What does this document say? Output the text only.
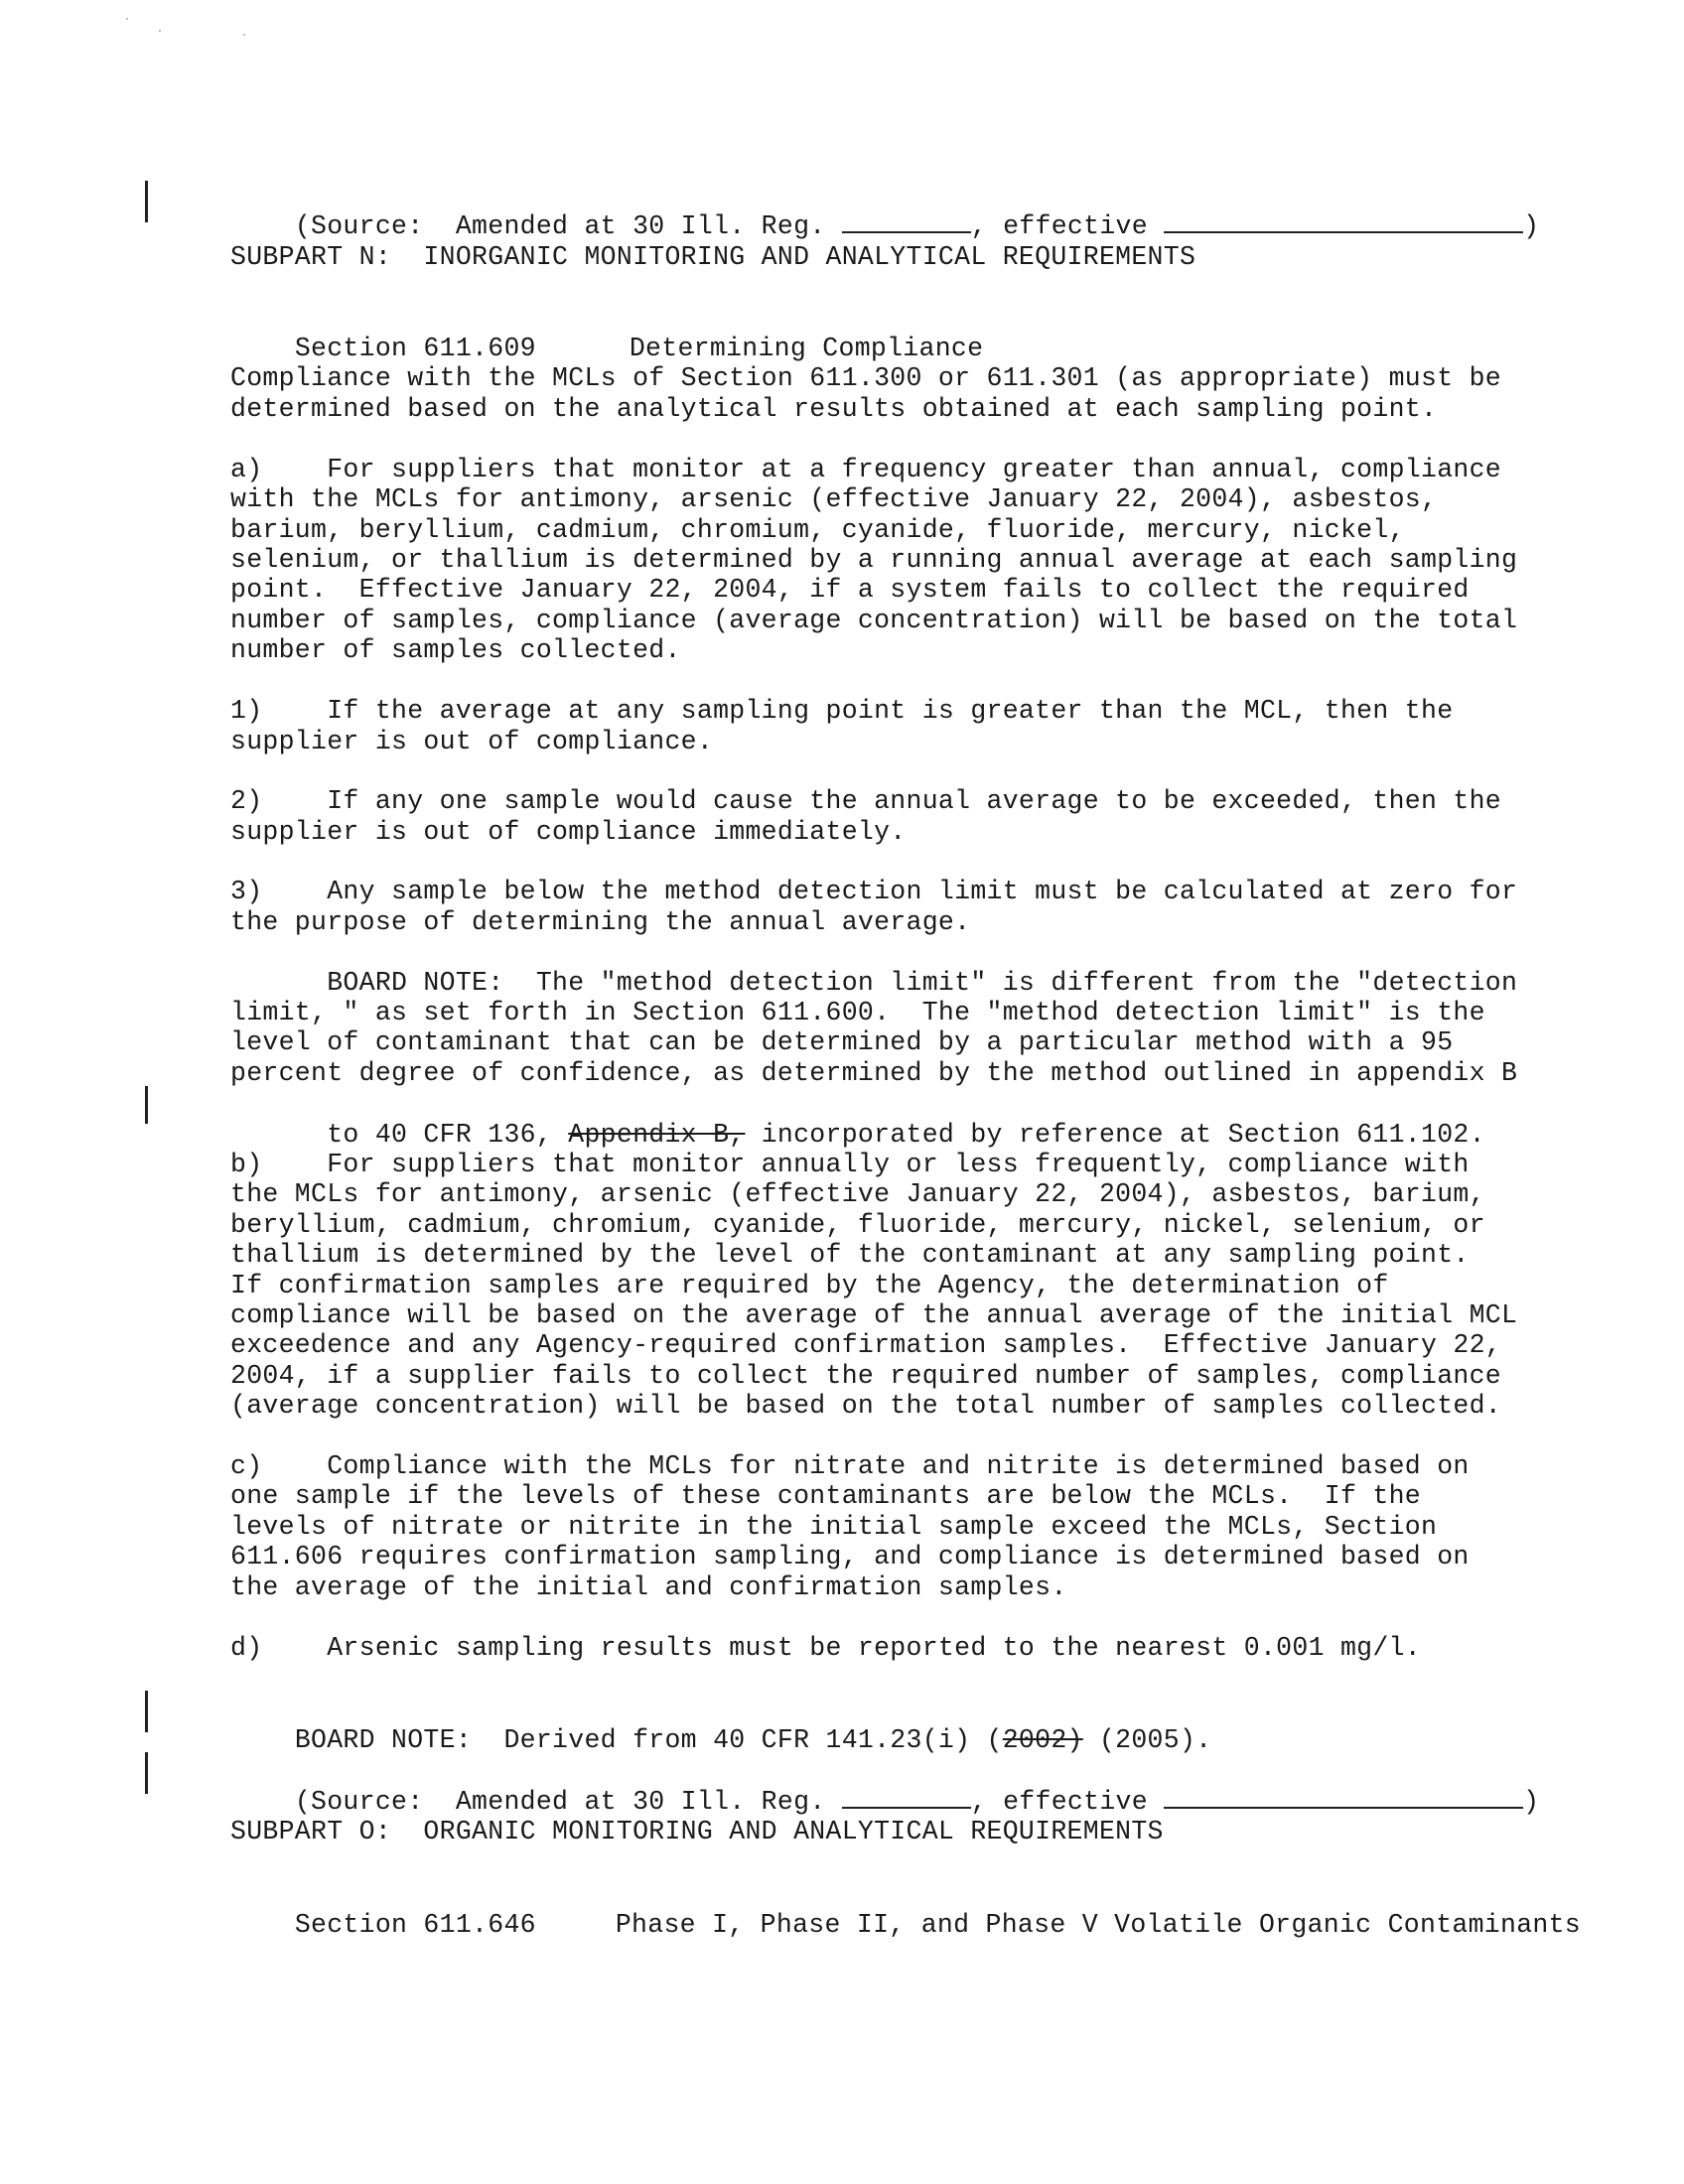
(Source:  Amended at 30 Ill. Reg.	, effective	)

SUBPART N:  INORGANIC MONITORING AND ANALYTICAL REQUIREMENTS

Section 611.609	Determining Compliance

Compliance with the MCLs of Section 611.300 or 611.301 (as appropriate) must be
determined based on the analytical results obtained at each sampling point.
a)    For suppliers that monitor at a frequency greater than annual, compliance
with the MCLs for antimony, arsenic (effective January 22, 2004), asbestos,
barium, beryllium, cadmium, chromium, cyanide, fluoride, mercury, nickel,
selenium, or thallium is determined by a running annual average at each sampling
point.  Effective January 22, 2004, if a system fails to collect the required
number of samples, compliance (average concentration) will be based on the total
number of samples collected.
1)    If the average at any sampling point is greater than the MCL, then the
supplier is out of compliance.
2)    If any one sample would cause the annual average to be exceeded, then the
supplier is out of compliance immediately.
3)    Any sample below the method detection limit must be calculated at zero for
the purpose of determining the annual average.
BOARD NOTE:  The "method detection limit" is different from the "detection
limit, " as set forth in Section 611.600.  The "method detection limit" is the
level of contaminant that can be determined by a particular method with a 95
percent degree of confidence, as determined by the method outlined in appendix B

to 40 CFR 136, Appendix B, incorporated by reference at Section 611.102.

b)    For suppliers that monitor annually or less frequently, compliance with
the MCLs for antimony, arsenic (effective January 22, 2004), asbestos, barium,
beryllium, cadmium, chromium, cyanide, fluoride, mercury, nickel, selenium, or
thallium is determined by the level of the contaminant at any sampling point.
If confirmation samples are required by the Agency, the determination of
compliance will be based on the average of the annual average of the initial MCL
exceedence and any Agency-required confirmation samples.  Effective January 22,
2004, if a supplier fails to collect the required number of samples, compliance
(average concentration) will be based on the total number of samples collected.
c)    Compliance with the MCLs for nitrate and nitrite is determined based on
one sample if the levels of these contaminants are below the MCLs.  If the
levels of nitrate or nitrite in the initial sample exceed the MCLs, Section
611.606 requires confirmation sampling, and compliance is determined based on
the average of the initial and confirmation samples.
d)    Arsenic sampling results must be reported to the nearest 0.001 mg/l.

BOARD NOTE:  Derived from 40 CFR 141.23(i) (2002) (2005).

(Source:  Amended at 30 Ill. Reg.	, effective	)

SUBPART O:  ORGANIC MONITORING AND ANALYTICAL REQUIREMENTS

Section 611.646	Phase I, Phase II, and Phase V Volatile Organic Contaminants
